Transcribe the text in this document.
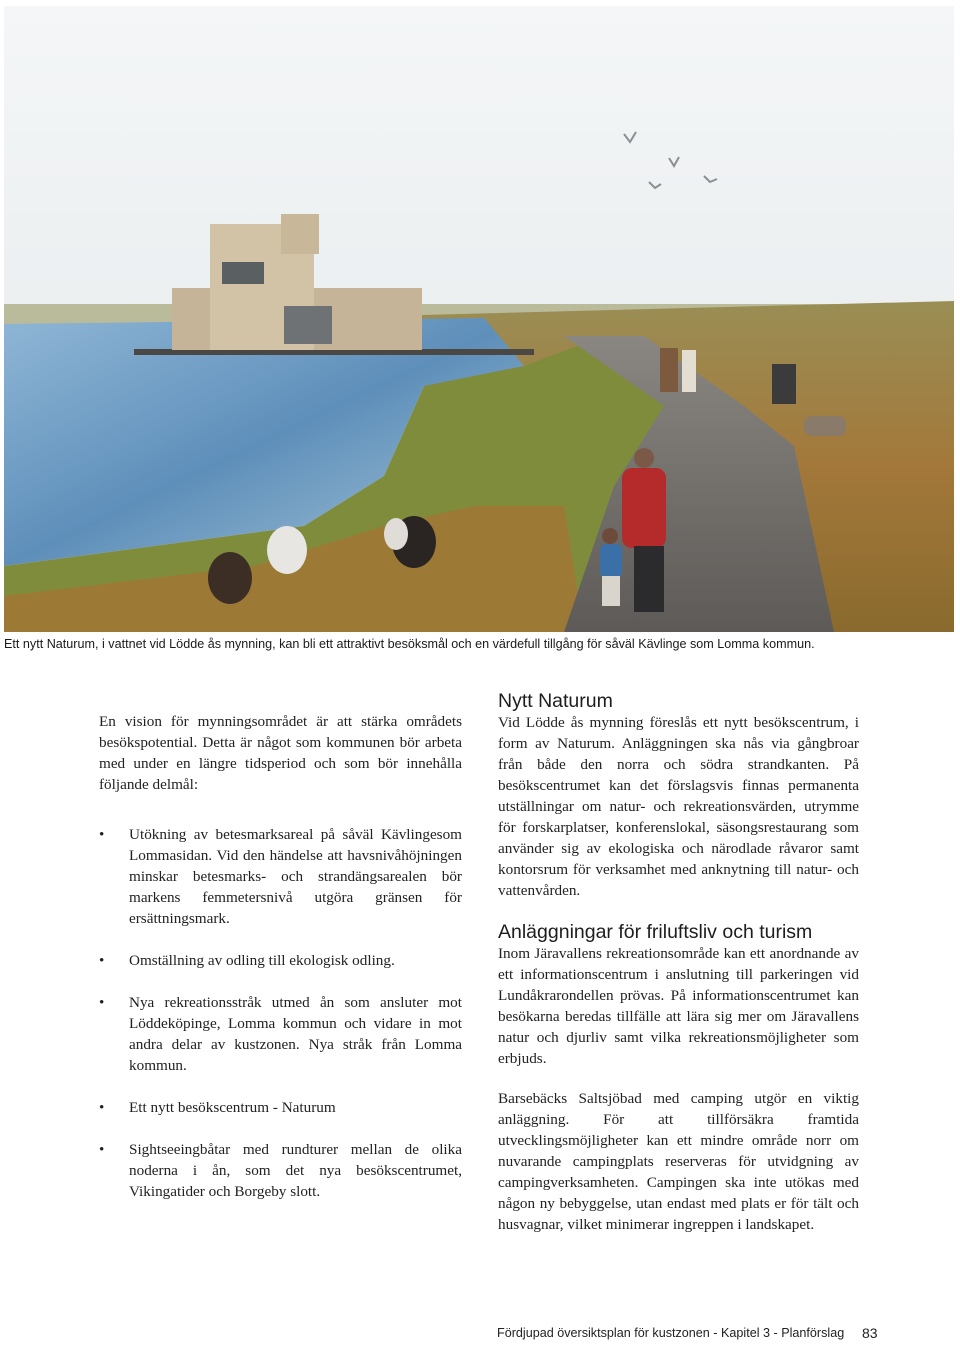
Ett nytt Naturum, i vattnet vid Lödde ås mynning, kan bli ett attraktivt besöksmål och en värdefull tillgång för såväl Kävlinge som Lomma kommun.

En vision för mynningsområdet är att stärka områdets besökspotential. Detta är något som kommunen bör arbeta med under en längre tidsperiod och som bör innehålla följande delmål:

• Utökning av betesmarksareal på såväl Kävlingesom Lommasidan. Vid den händelse att havsnivåhöjningen minskar betesmarks- och strandängsarealen bör markens femmetersnivå utgöra gränsen för ersättningsmark.
• Omställning av odling till ekologisk odling.
• Nya rekreationsstråk utmed ån som ansluter mot Löddeköpinge, Lomma kommun och vidare in mot andra delar av kustzonen. Nya stråk från Lomma kommun.
• Ett nytt besökscentrum - Naturum
• Sightseeingbåtar med rundturer mellan de olika noderna i ån, som det nya besökscentrumet, Vikingatider och Borgeby slott.
Nytt Naturum

Vid Lödde ås mynning föreslås ett nytt besökscentrum, i form av Naturum. Anläggningen ska nås via gångbroar från både den norra och södra strandkanten. På besökscentrumet kan det förslagsvis finnas permanenta utställningar om natur- och rekreationsvärden, utrymme för forskarplatser, konferenslokal, säsongsrestaurang som använder sig av ekologiska och närodlade råvaror samt kontorsrum för verksamhet med anknytning till natur- och vattenvården.

Anläggningar för friluftsliv och turism

Inom Järavallens rekreationsområde kan ett anordnande av ett informationscentrum i anslutning till parkeringen vid Lundåkrarondellen prövas. På informationscentrumet kan besökarna beredas tillfälle att lära sig mer om Järavallens natur och djurliv samt vilka rekreationsmöjligheter som erbjuds.

Barsebäcks Saltsjöbad med camping utgör en viktig anläggning. För att tillförsäkra framtida utvecklingsmöjligheter kan ett mindre område norr om nuvarande campingplats reserveras för utvidgning av campingverksamheten. Campingen ska inte utökas med någon ny bebyggelse, utan endast med plats er för tält och husvagnar, vilket minimerar ingreppen i landskapet.

Fördjupad översiktsplan för kustzonen - Kapitel 3 - Planförslag 83
